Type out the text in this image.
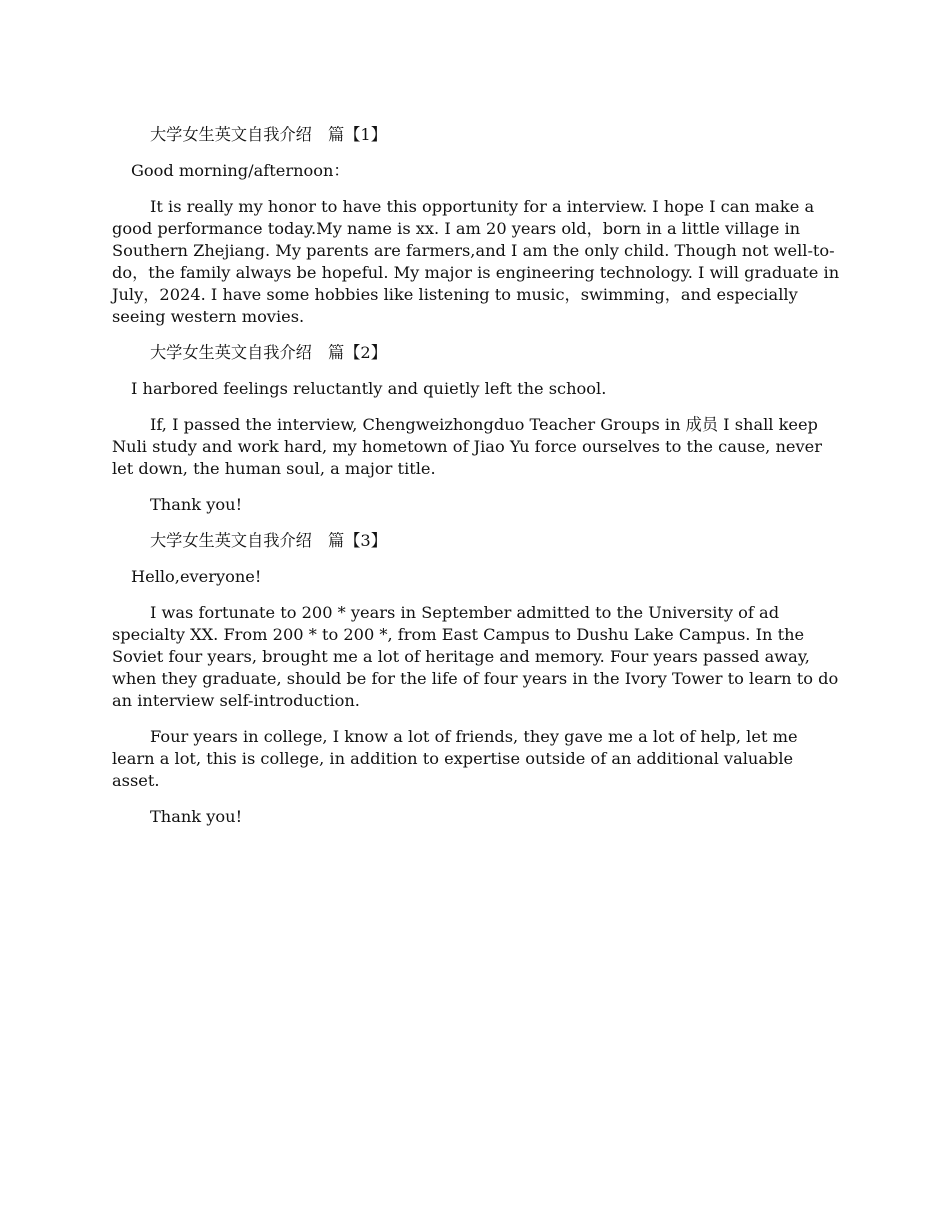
大学女生英文自我介绍　篇【1】

Good morning/afternoon：

It is really my honor to have this opportunity for a interview. I hope I can make a good performance today.My name is xx. I am 20 years old，born in a little village in Southern Zhejiang. My parents are farmers,and I am the only child. Though not well-to-do，the family always be hopeful. My major is engineering technology. I will graduate in July，2024. I have some hobbies like listening to music，swimming，and especially seeing western movies.

大学女生英文自我介绍　篇【2】

I harbored feelings reluctantly and quietly left the school.

If, I passed the interview, Chengweizhongduo Teacher Groups in 成员 I shall keep Nuli study and work hard, my hometown of Jiao Yu force ourselves to the cause, never let down, the human soul, a major title.

Thank you!

大学女生英文自我介绍　篇【3】

Hello,everyone!

I was fortunate to 200 * years in September admitted to the University of ad specialty XX. From 200 * to 200 *, from East Campus to Dushu Lake Campus. In the Soviet four years, brought me a lot of heritage and memory. Four years passed away, when they graduate, should be for the life of four years in the Ivory Tower to learn to do an interview self-introduction.

Four years in college, I know a lot of friends, they gave me a lot of help, let me learn a lot, this is college, in addition to expertise outside of an additional valuable asset.

Thank you!
